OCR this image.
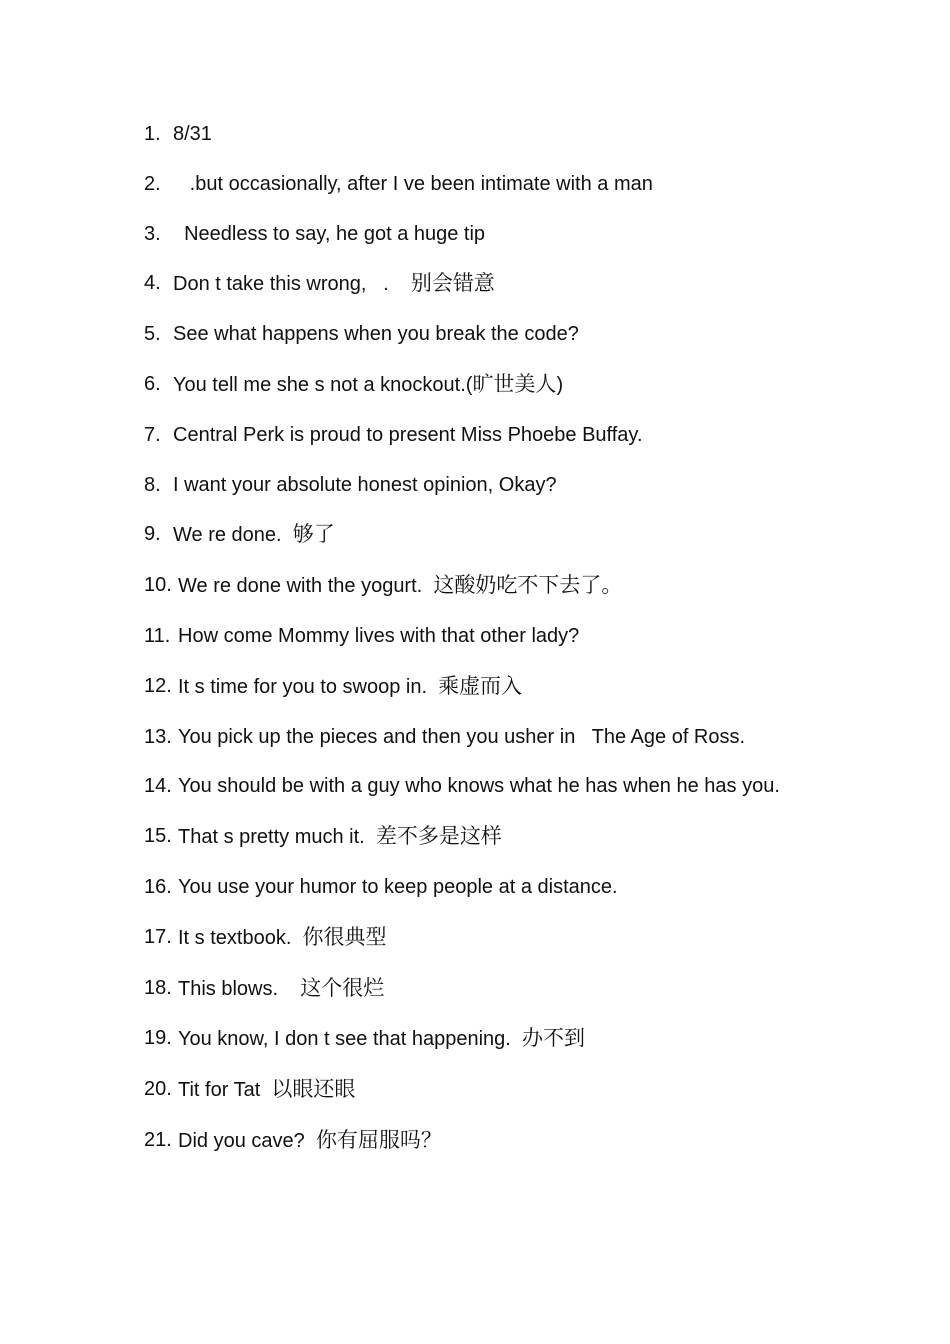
1. 8/31
2. .but occasionally, after I ve been intimate with a man
3. Needless to say, he got a huge tip
4. Don t take this wrong,   .    别会错意
5. See what happens when you break the code?
6. You tell me she s not a knockout.(旷世美人)
7. Central Perk is proud to present Miss Phoebe Buffay.
8. I want your absolute honest opinion, Okay?
9. We re done.  够了
10. We re done with the yogurt.  这酸奶吃不下去了。
11. How come Mommy lives with that other lady?
12. It s time for you to swoop in.  乘虚而入
13. You pick up the pieces and then you usher in   The Age of Ross.
14. You should be with a guy who knows what he has when he has you.
15. That s pretty much it.  差不多是这样
16. You use your humor to keep people at a distance.
17. It s textbook.  你很典型
18. This blows.    这个很烂
19. You know, I don t see that happening.  办不到
20. Tit for Tat  以眼还眼
21. Did you cave?  你有屈服吗？
